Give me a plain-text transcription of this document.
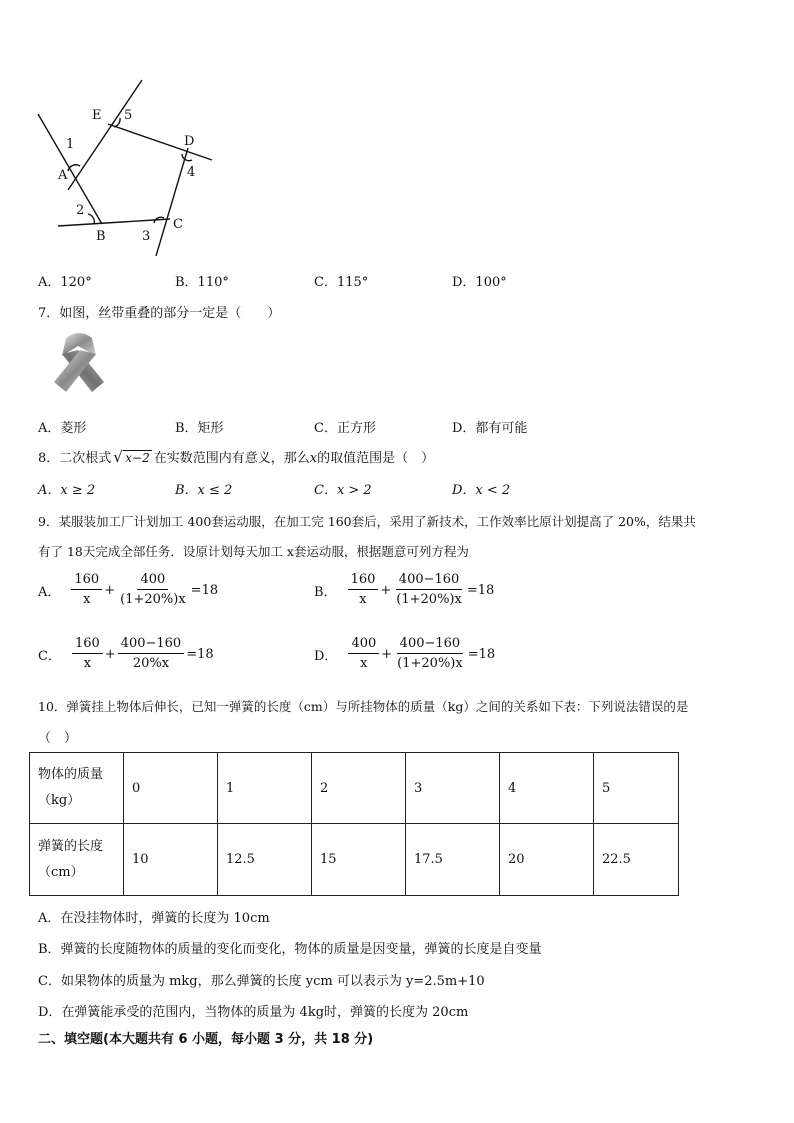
E 5
D
1
4
A
2
C
B	3
A．120°	B．110°	C．115°	D．100°
7．如图，丝带重叠的部分一定是（　　）
A．菱形	B．矩形	C．正方形	D．都有可能
8．二次根式 √ x−2 在实数范围内有意义，那么x的取值范围是（　）
A．x ≥ 2	B．x ≤ 2	C．x > 2	D．x < 2
9．某服装加工厂计划加工 400套运动服，在加工完 160套后，采用了新技术，工作效率比原计划提高了 20%，结果共
有了 18天完成全部任务．设原计划每天加工 x套运动服，根据题意可列方程为
A． $\frac{160}{x} + \frac{400}{(1+20\%)x} =18$	B． $\frac{160}{x} + \frac{400-160}{(1+20\%)x} =18$
C． $\frac{160}{x} + \frac{400-160}{20\%x} =18$	D． $\frac{400}{x} + \frac{400-160}{(1+20\%)x} =18$
10．弹簧挂上物体后伸长，已知一弹簧的长度（cm）与所挂物体的质量（kg）之间的关系如下表：下列说法错误的是
（　）
物体的质量
（kg）	0	1	2	3	4	5

弹簧的长度
（cm）	10	12.5	15	17.5	20	22.5
A．在没挂物体时，弹簧的长度为 10cm
B．弹簧的长度随物体的质量的变化而变化，物体的质量是因变量，弹簧的长度是自变量
C．如果物体的质量为 mkg，那么弹簧的长度 ycm 可以表示为 y=2.5m+10
D．在弹簧能承受的范围内，当物体的质量为 4kg时，弹簧的长度为 20cm
二、填空题(本大题共有 6 小题，每小题 3 分，共 18 分)
